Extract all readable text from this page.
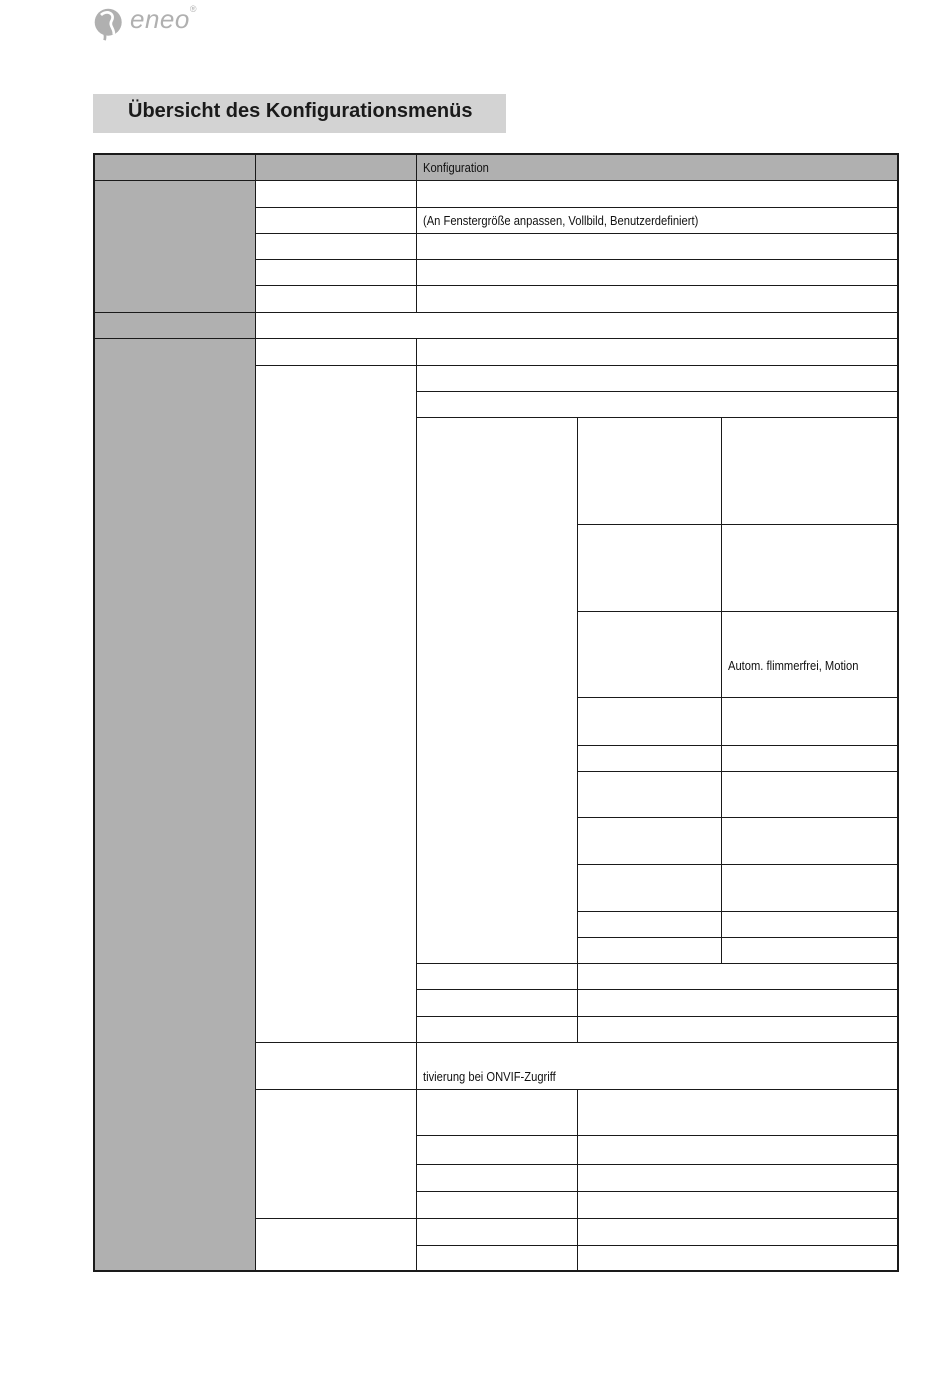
eneo®
Übersicht des Konfigurationsmenüs
Konfiguration
(An Fenstergröße anpassen, Vollbild, Benutzerdefiniert)
Autom. flimmerfrei, Motion
tivierung bei ONVIF-Zugriff
